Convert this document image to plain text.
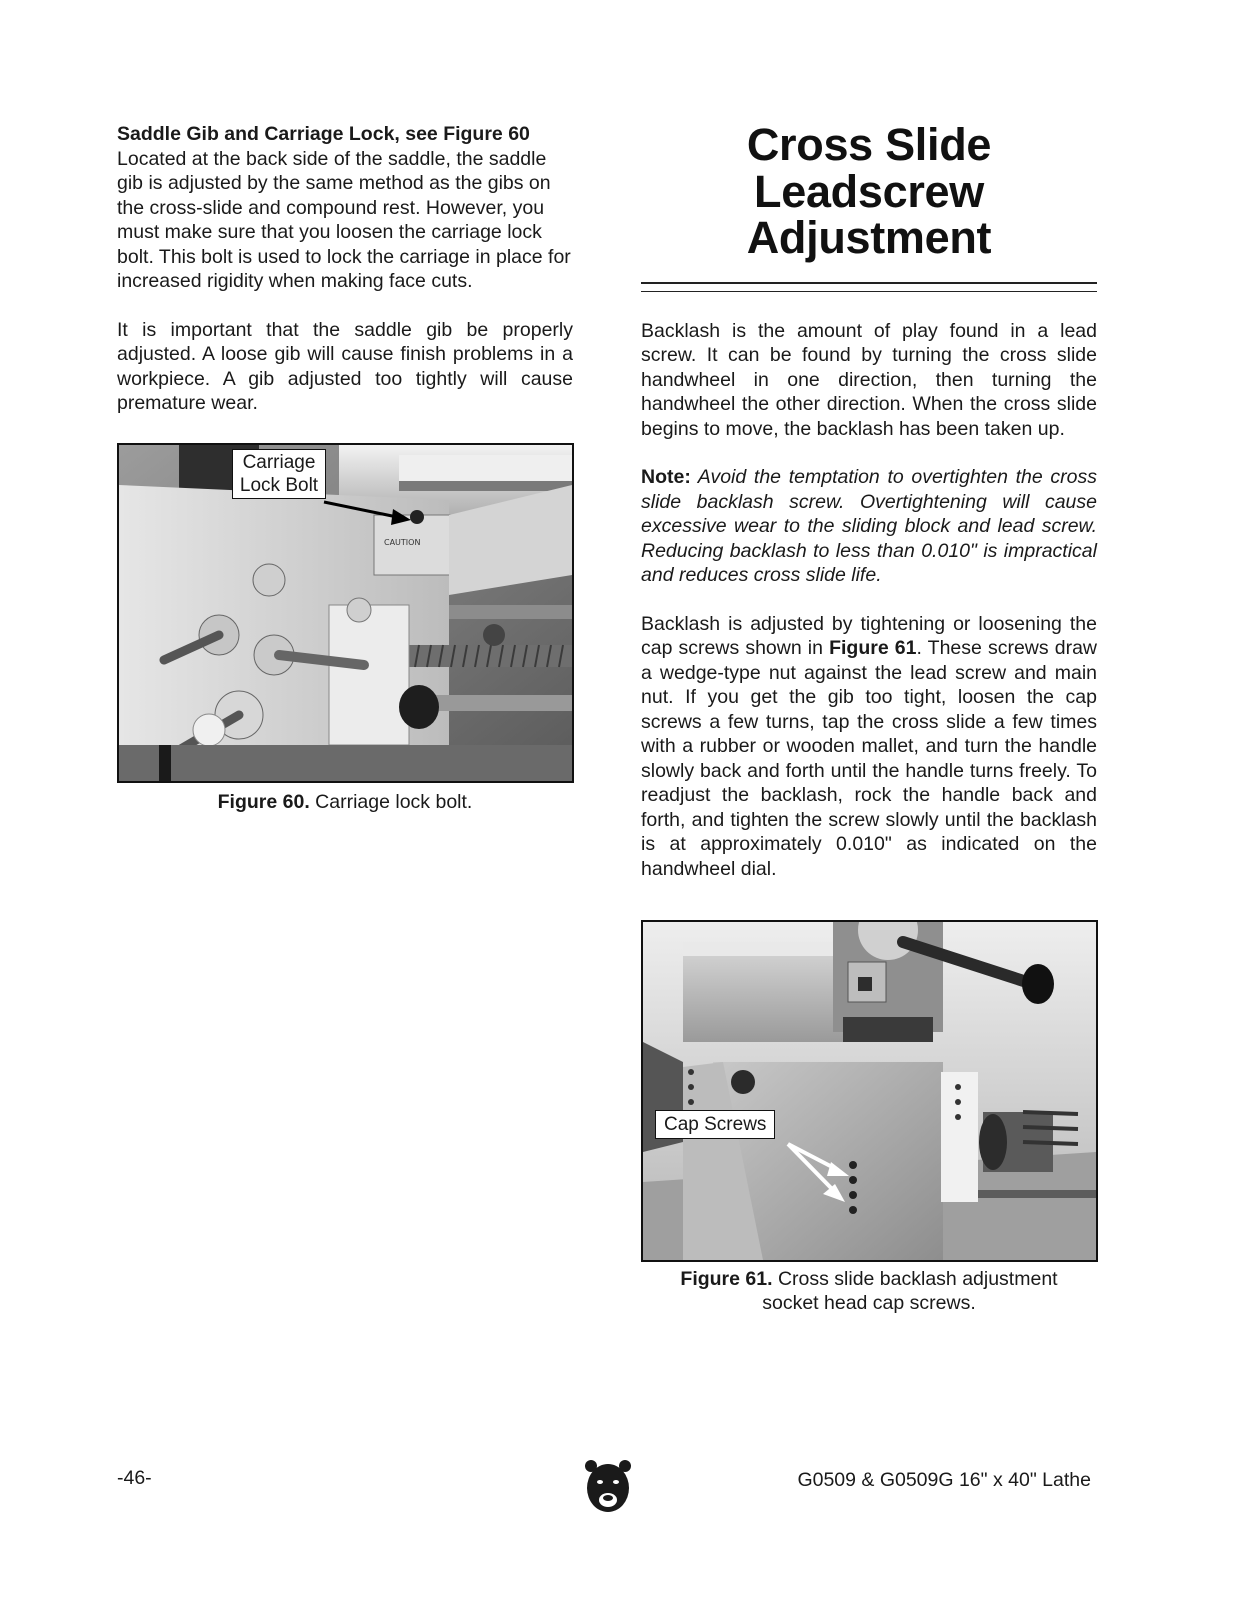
Saddle Gib and Carriage Lock, see Figure 60

Located at the back side of the saddle, the saddle gib is adjusted by the same method as the gibs on the cross-slide and compound rest. However, you must make sure that you loosen the carriage lock bolt. This bolt is used to lock the carriage in place for increased rigidity when making face cuts.

It is important that the saddle gib be properly adjusted. A loose gib will cause finish problems in a workpiece. A gib adjusted too tightly will cause premature wear.

CAUTION
Carriage
Lock Bolt
Figure 60. Carriage lock bolt.
Cross Slide
Leadscrew
Adjustment

Backlash is the amount of play found in a lead screw. It can be found by turning the cross slide handwheel in one direction, then turning the handwheel the other direction. When the cross slide begins to move, the backlash has been taken up.

Note: Avoid the temptation to overtighten the cross slide backlash screw. Overtightening will cause excessive wear to the sliding block and lead screw. Reducing backlash to less than 0.010" is impractical and reduces cross slide life.

Backlash is adjusted by tightening or loosening the cap screws shown in Figure 61. These screws draw a wedge-type nut against the lead screw and main nut. If you get the gib too tight, loosen the cap screws a few turns, tap the cross slide a few times with a rubber or wooden mallet, and turn the handle slowly back and forth until the handle turns freely. To readjust the backlash, rock the handle back and forth, and tighten the screw slowly until the backlash is at approximately 0.010" as indicated on the handwheel dial.

Cap Screws
Figure 61. Cross slide backlash adjustment
socket head cap screws.
-46-	G0509 & G0509G 16" x 40" Lathe
